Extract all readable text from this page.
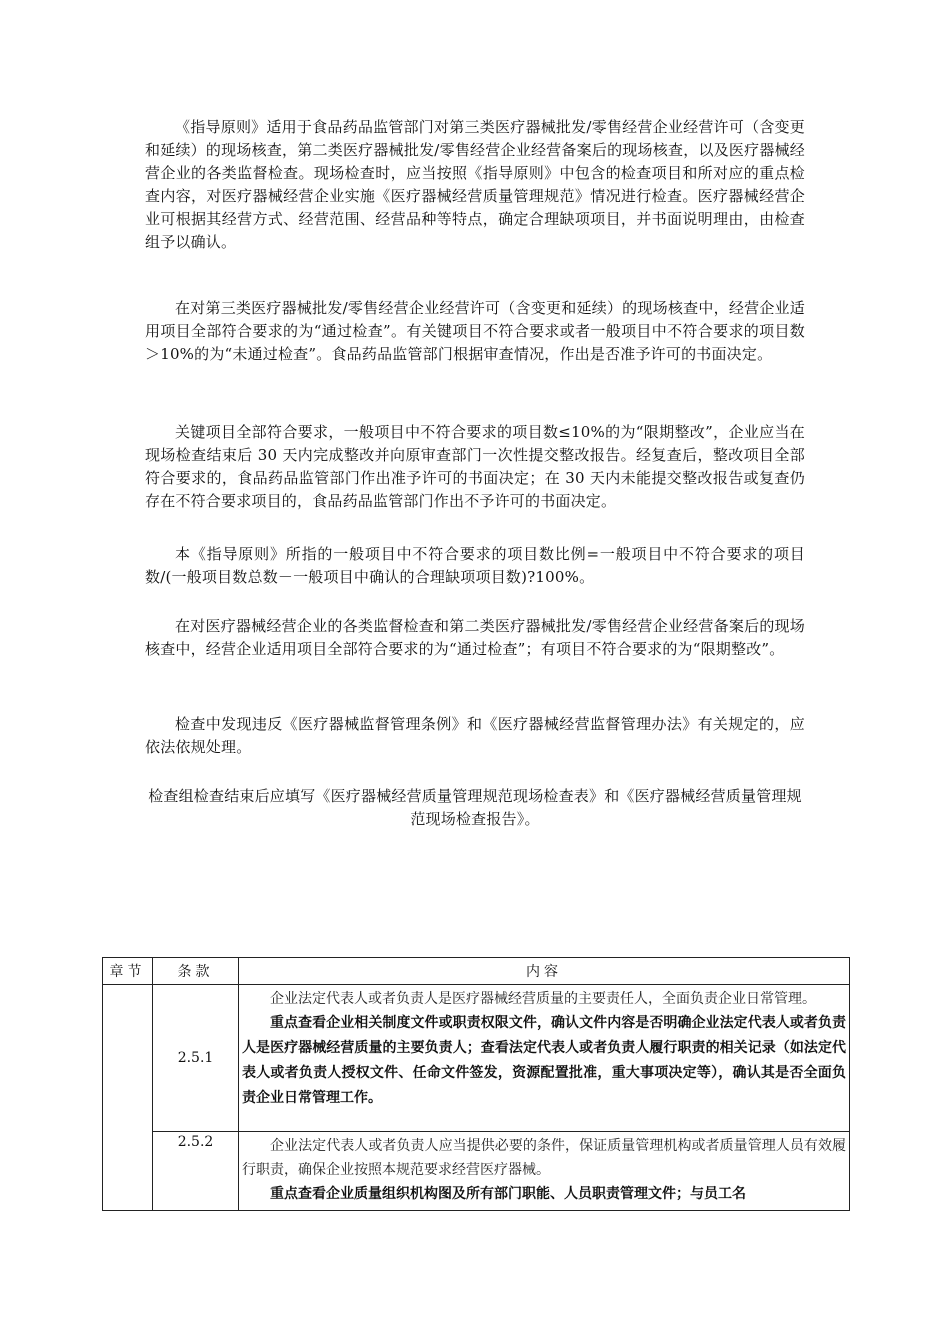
《指导原则》适用于食品药品监管部门对第三类医疗器械批发/零售经营企业经营许可（含变更和延续）的现场核查，第二类医疗器械批发/零售经营企业经营备案后的现场核查，以及医疗器械经营企业的各类监督检查。现场检查时，应当按照《指导原则》中包含的检查项目和所对应的重点检查内容，对医疗器械经营企业实施《医疗器械经营质量管理规范》情况进行检查。医疗器械经营企业可根据其经营方式、经营范围、经营品种等特点，确定合理缺项项目，并书面说明理由，由检查组予以确认。

在对第三类医疗器械批发/零售经营企业经营许可（含变更和延续）的现场核查中，经营企业适用项目全部符合要求的为“通过检查”。有关键项目不符合要求或者一般项目中不符合要求的项目数＞10%的为“未通过检查”。食品药品监管部门根据审查情况，作出是否准予许可的书面决定。

关键项目全部符合要求，一般项目中不符合要求的项目数≤10%的为“限期整改”，企业应当在现场检查结束后 30 天内完成整改并向原审查部门一次性提交整改报告。经复查后，整改项目全部符合要求的，食品药品监管部门作出准予许可的书面决定；在 30 天内未能提交整改报告或复查仍存在不符合要求项目的，食品药品监管部门作出不予许可的书面决定。

本《指导原则》所指的一般项目中不符合要求的项目数比例=一般项目中不符合要求的项目数/(一般项目数总数－一般项目中确认的合理缺项项目数)?100%。

在对医疗器械经营企业的各类监督检查和第二类医疗器械批发/零售经营企业经营备案后的现场核查中，经营企业适用项目全部符合要求的为“通过检查”；有项目不符合要求的为“限期整改”。

检查中发现违反《医疗器械监督管理条例》和《医疗器械经营监督管理办法》有关规定的，应依法依规处理。

检查组检查结束后应填写《医疗器械经营质量管理规范现场检查表》和《医疗器械经营质量管理规范现场检查报告》。

章节	条款	内容
	2.5.1	企业法定代表人或者负责人是医疗器械经营质量的主要责任人，全面负责企业日常管理。
重点查看企业相关制度文件或职责权限文件，确认文件内容是否明确企业法定代表人或者负责人是医疗器械经营质量的主要负责人；查看法定代表人或者负责人履行职责的相关记录（如法定代表人或者负责人授权文件、任命文件签发，资源配置批准，重大事项决定等），确认其是否全面负责企业日常管理工作。

	2.5.2	企业法定代表人或者负责人应当提供必要的条件，保证质量管理机构或者质量管理人员有效履行职责，确保企业按照本规范要求经营医疗器械。
重点查看企业质量组织机构图及所有部门职能、人员职责管理文件；与员工名
